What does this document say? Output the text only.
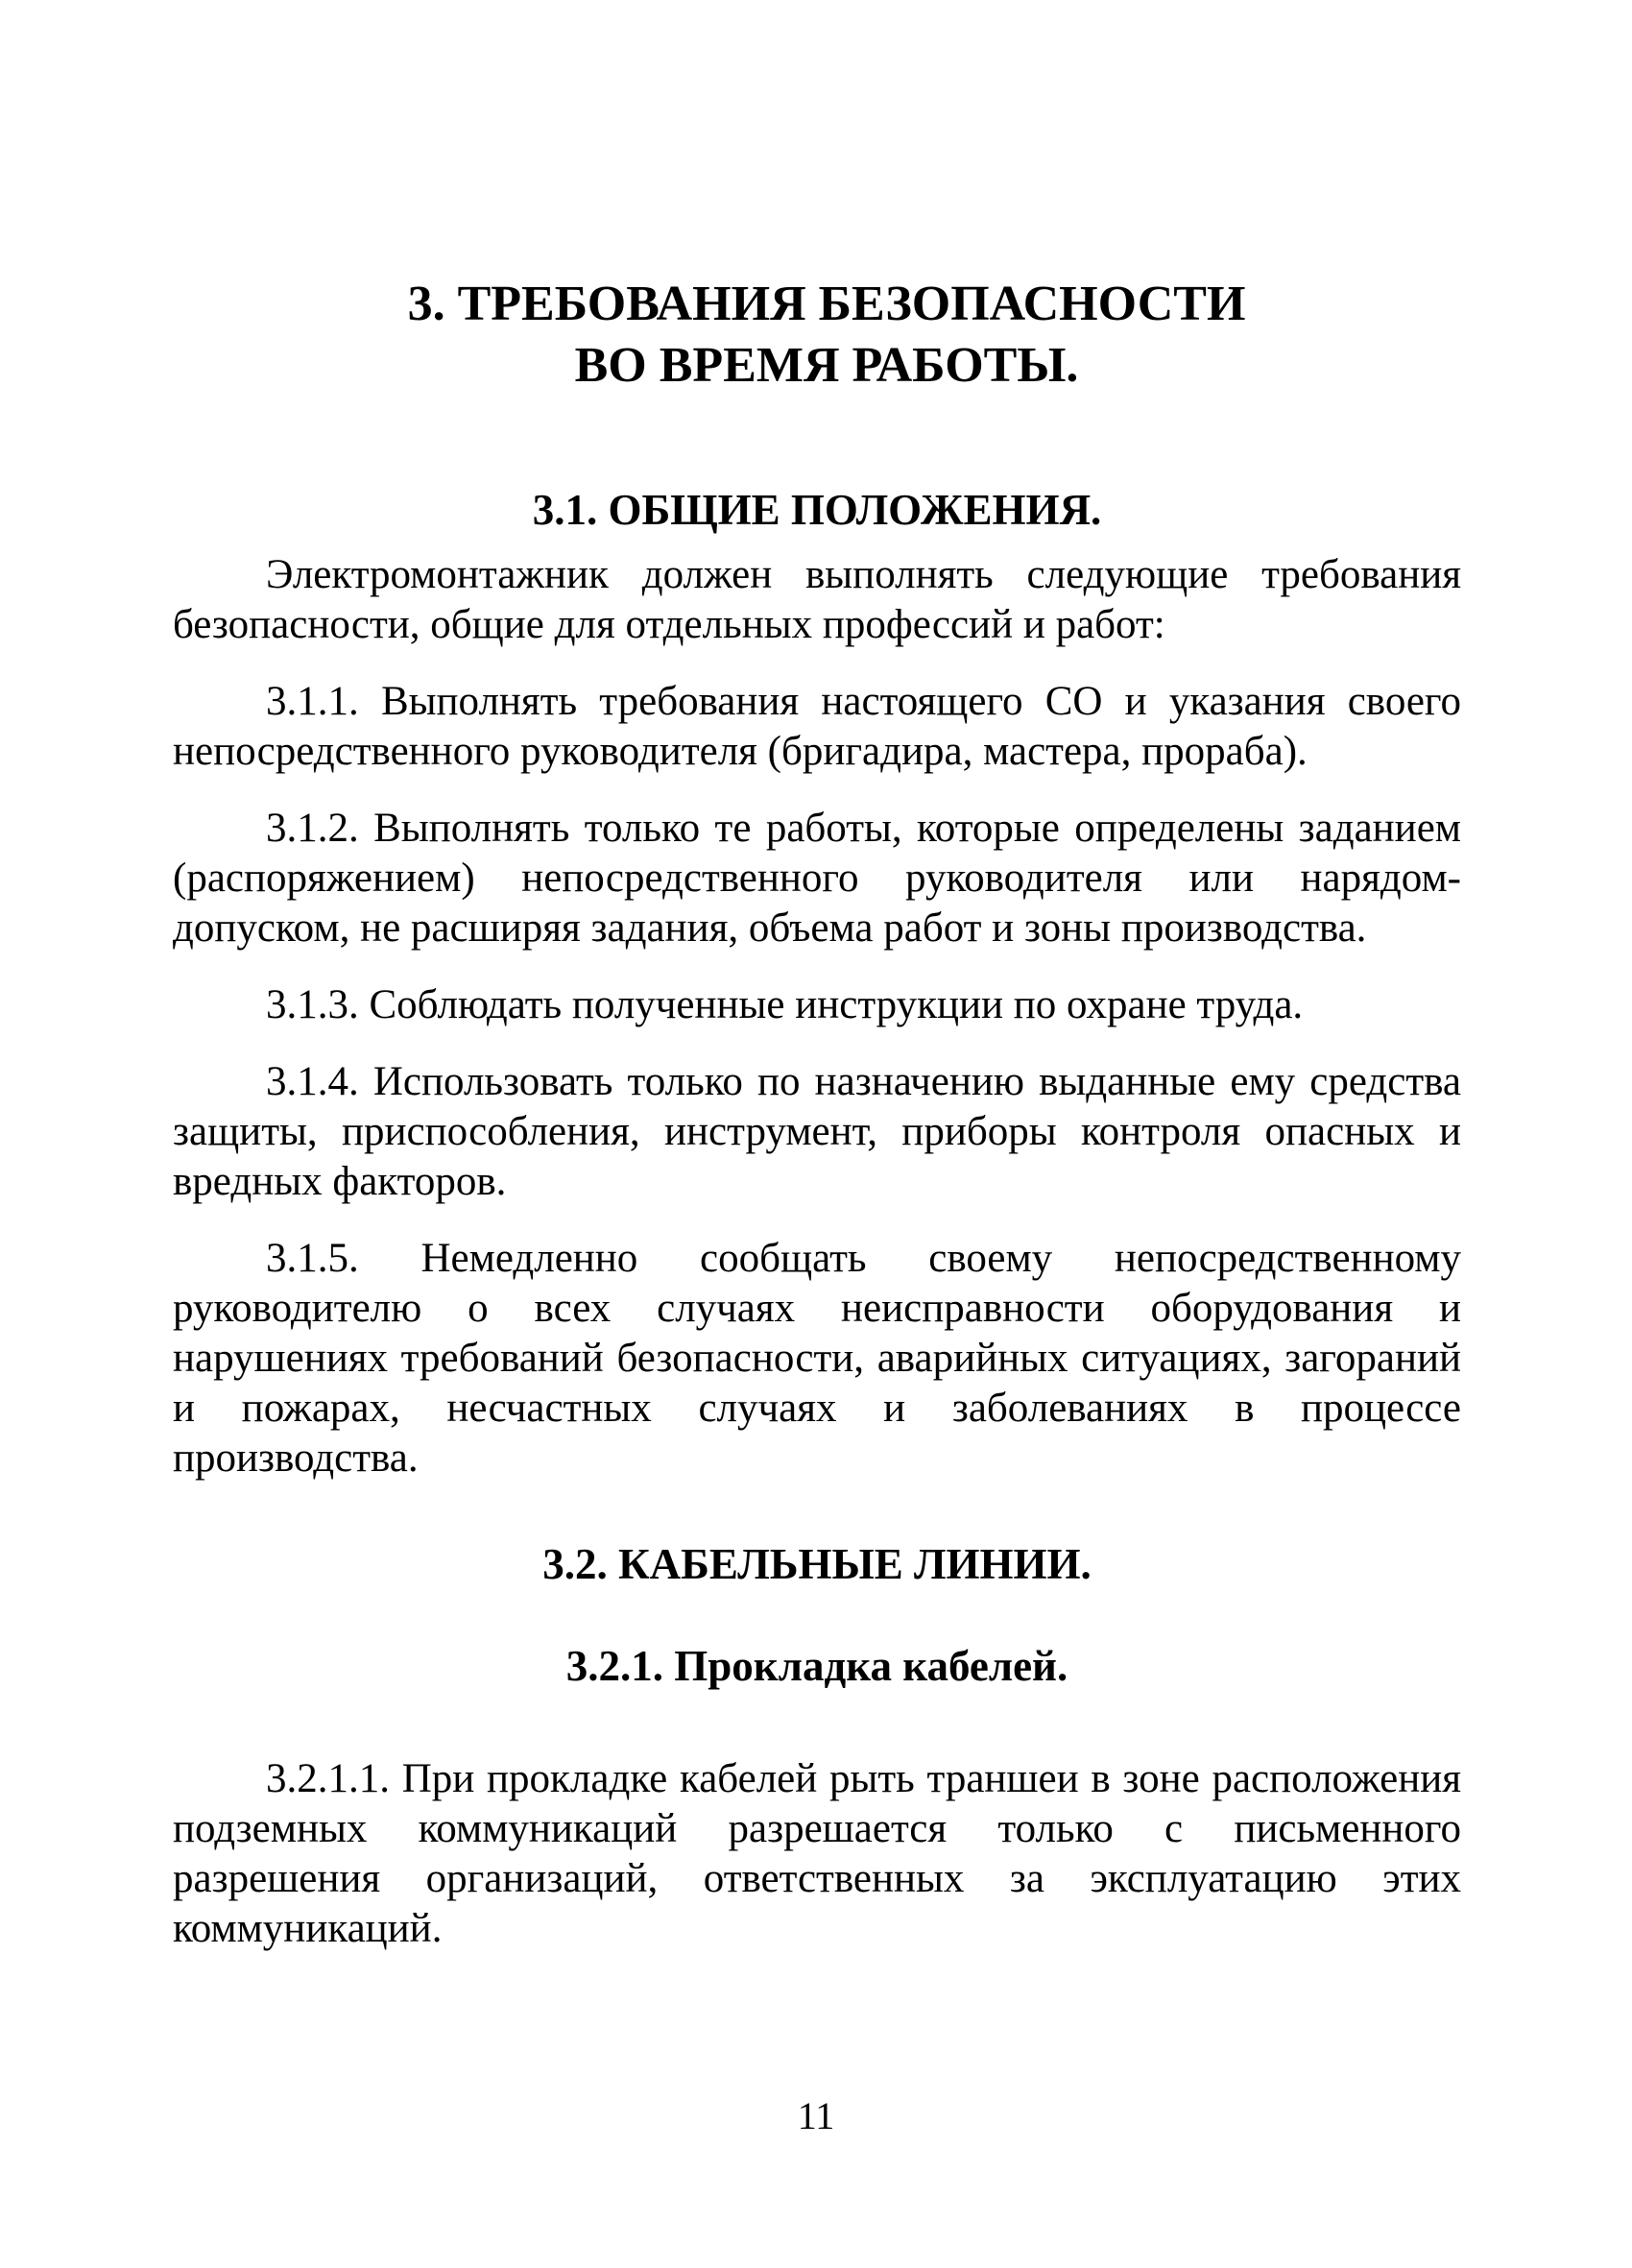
3. ТРЕБОВАНИЯ БЕЗОПАСНОСТИ
ВО ВРЕМЯ РАБОТЫ.
3.1. ОБЩИЕ ПОЛОЖЕНИЯ.

Электромонтажник должен выполнять следующие требования безопасности, общие для отдельных профессий и работ:

3.1.1. Выполнять требования настоящего СО и указания своего непосредственного руководителя (бригадира, мастера, прораба).

3.1.2. Выполнять только те работы, которые определены заданием (распоряжением) непосредственного руководителя или нарядом-допуском, не расширяя задания, объема работ и зоны производства.

3.1.3. Соблюдать полученные инструкции по охране труда.

3.1.4. Использовать только по назначению выданные ему средства защиты, приспособления, инструмент, приборы контроля опасных и вредных факторов.

3.1.5. Немедленно сообщать своему непосредственному руководителю о всех случаях неисправности оборудования и нарушениях требований безопасности, аварийных ситуациях, загораний и пожарах, несчастных случаях и заболеваниях в процессе производства.

3.2. КАБЕЛЬНЫЕ ЛИНИИ.
3.2.1. Прокладка кабелей.

3.2.1.1. При прокладке кабелей рыть траншеи в зоне расположения подземных коммуникаций разрешается только с письменного разрешения организаций, ответственных за эксплуатацию этих коммуникаций.

11
